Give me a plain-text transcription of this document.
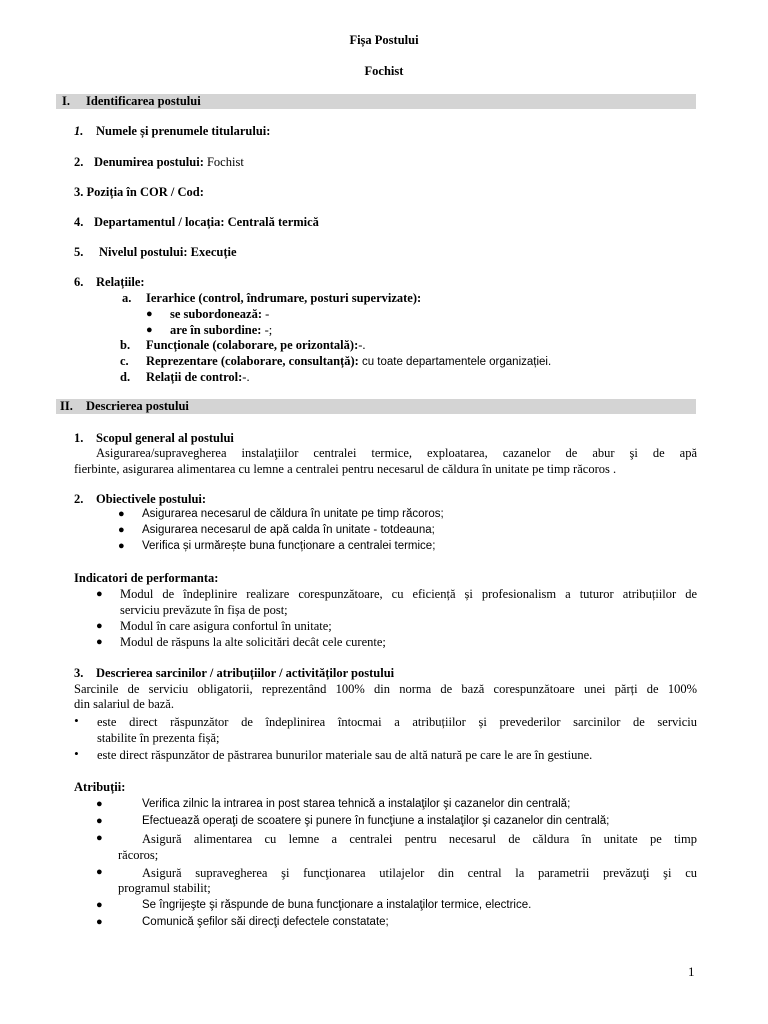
Fișa Postului
Fochist
I. Identificarea postului
1. Numele și prenumele titularului:
2. Denumirea postului: Fochist
3. Poziția în COR / Cod:
4. Departamentul / locația: Centrală termică
5. Nivelul postului: Execuție
6. Relațiile:
a. Ierarhice (control, îndrumare, posturi supervizate):
● se subordonează: -
● are în subordine: -;
b. Funcționale (colaborare, pe orizontală):-.
c. Reprezentare (colaborare, consultanță): cu toate departamentele organizației.
d. Relații de control:-.
II. Descrierea postului
1. Scopul general al postului
Asigurarea/supravegherea instalaţiilor centralei termice, exploatarea, cazanelor de abur şi de apă
fierbinte, asigurarea alimentarea cu lemne a centralei pentru necesarul de căldura în unitate pe timp răcoros .
2. Obiectivele postului:
● Asigurarea necesarul de căldura în unitate pe timp răcoros;
● Asigurarea necesarul de apă calda în unitate - totdeauna;
● Verifica și urmărește buna funcționare a centralei termice;
Indicatori de performanta:
● Modul de îndeplinire realizare corespunzătoare, cu eficiență și profesionalism a tuturor atribuțiilor de
serviciu prevăzute în fișa de post;
● Modul în care asigura confortul în unitate;
● Modul de răspuns la alte solicitări decât cele curente;
3. Descrierea sarcinilor / atribuțiilor / activităților postului
Sarcinile de serviciu obligatorii, reprezentând 100% din norma de bază corespunzătoare unei părți de 100%
din salariul de bază.
• este direct răspunzător de îndeplinirea întocmai a atribuțiilor și prevederilor sarcinilor de serviciu
stabilite în prezenta fișă;
• este direct răspunzător de păstrarea bunurilor materiale sau de altă natură pe care le are în gestiune.
Atribuții:
●	Verifica zilnic la intrarea in post starea tehnică a instalaţilor şi cazanelor din centrală;
●	Efectuează operaţi de scoatere şi punere în funcţiune a instalaţilor şi cazanelor din centrală;
●	Asigură alimentarea cu lemne a centralei pentru necesarul de căldura în unitate pe timp
răcoros;
●	Asigură supravegherea şi funcţionarea utilajelor din central la parametrii prevăzuţi şi cu
programul stabilit;
●	Se îngrijeşte şi răspunde de buna funcţionare a instalaţilor termice, electrice.
●	Comunică şefilor săi direcţi defectele constatate;
1
